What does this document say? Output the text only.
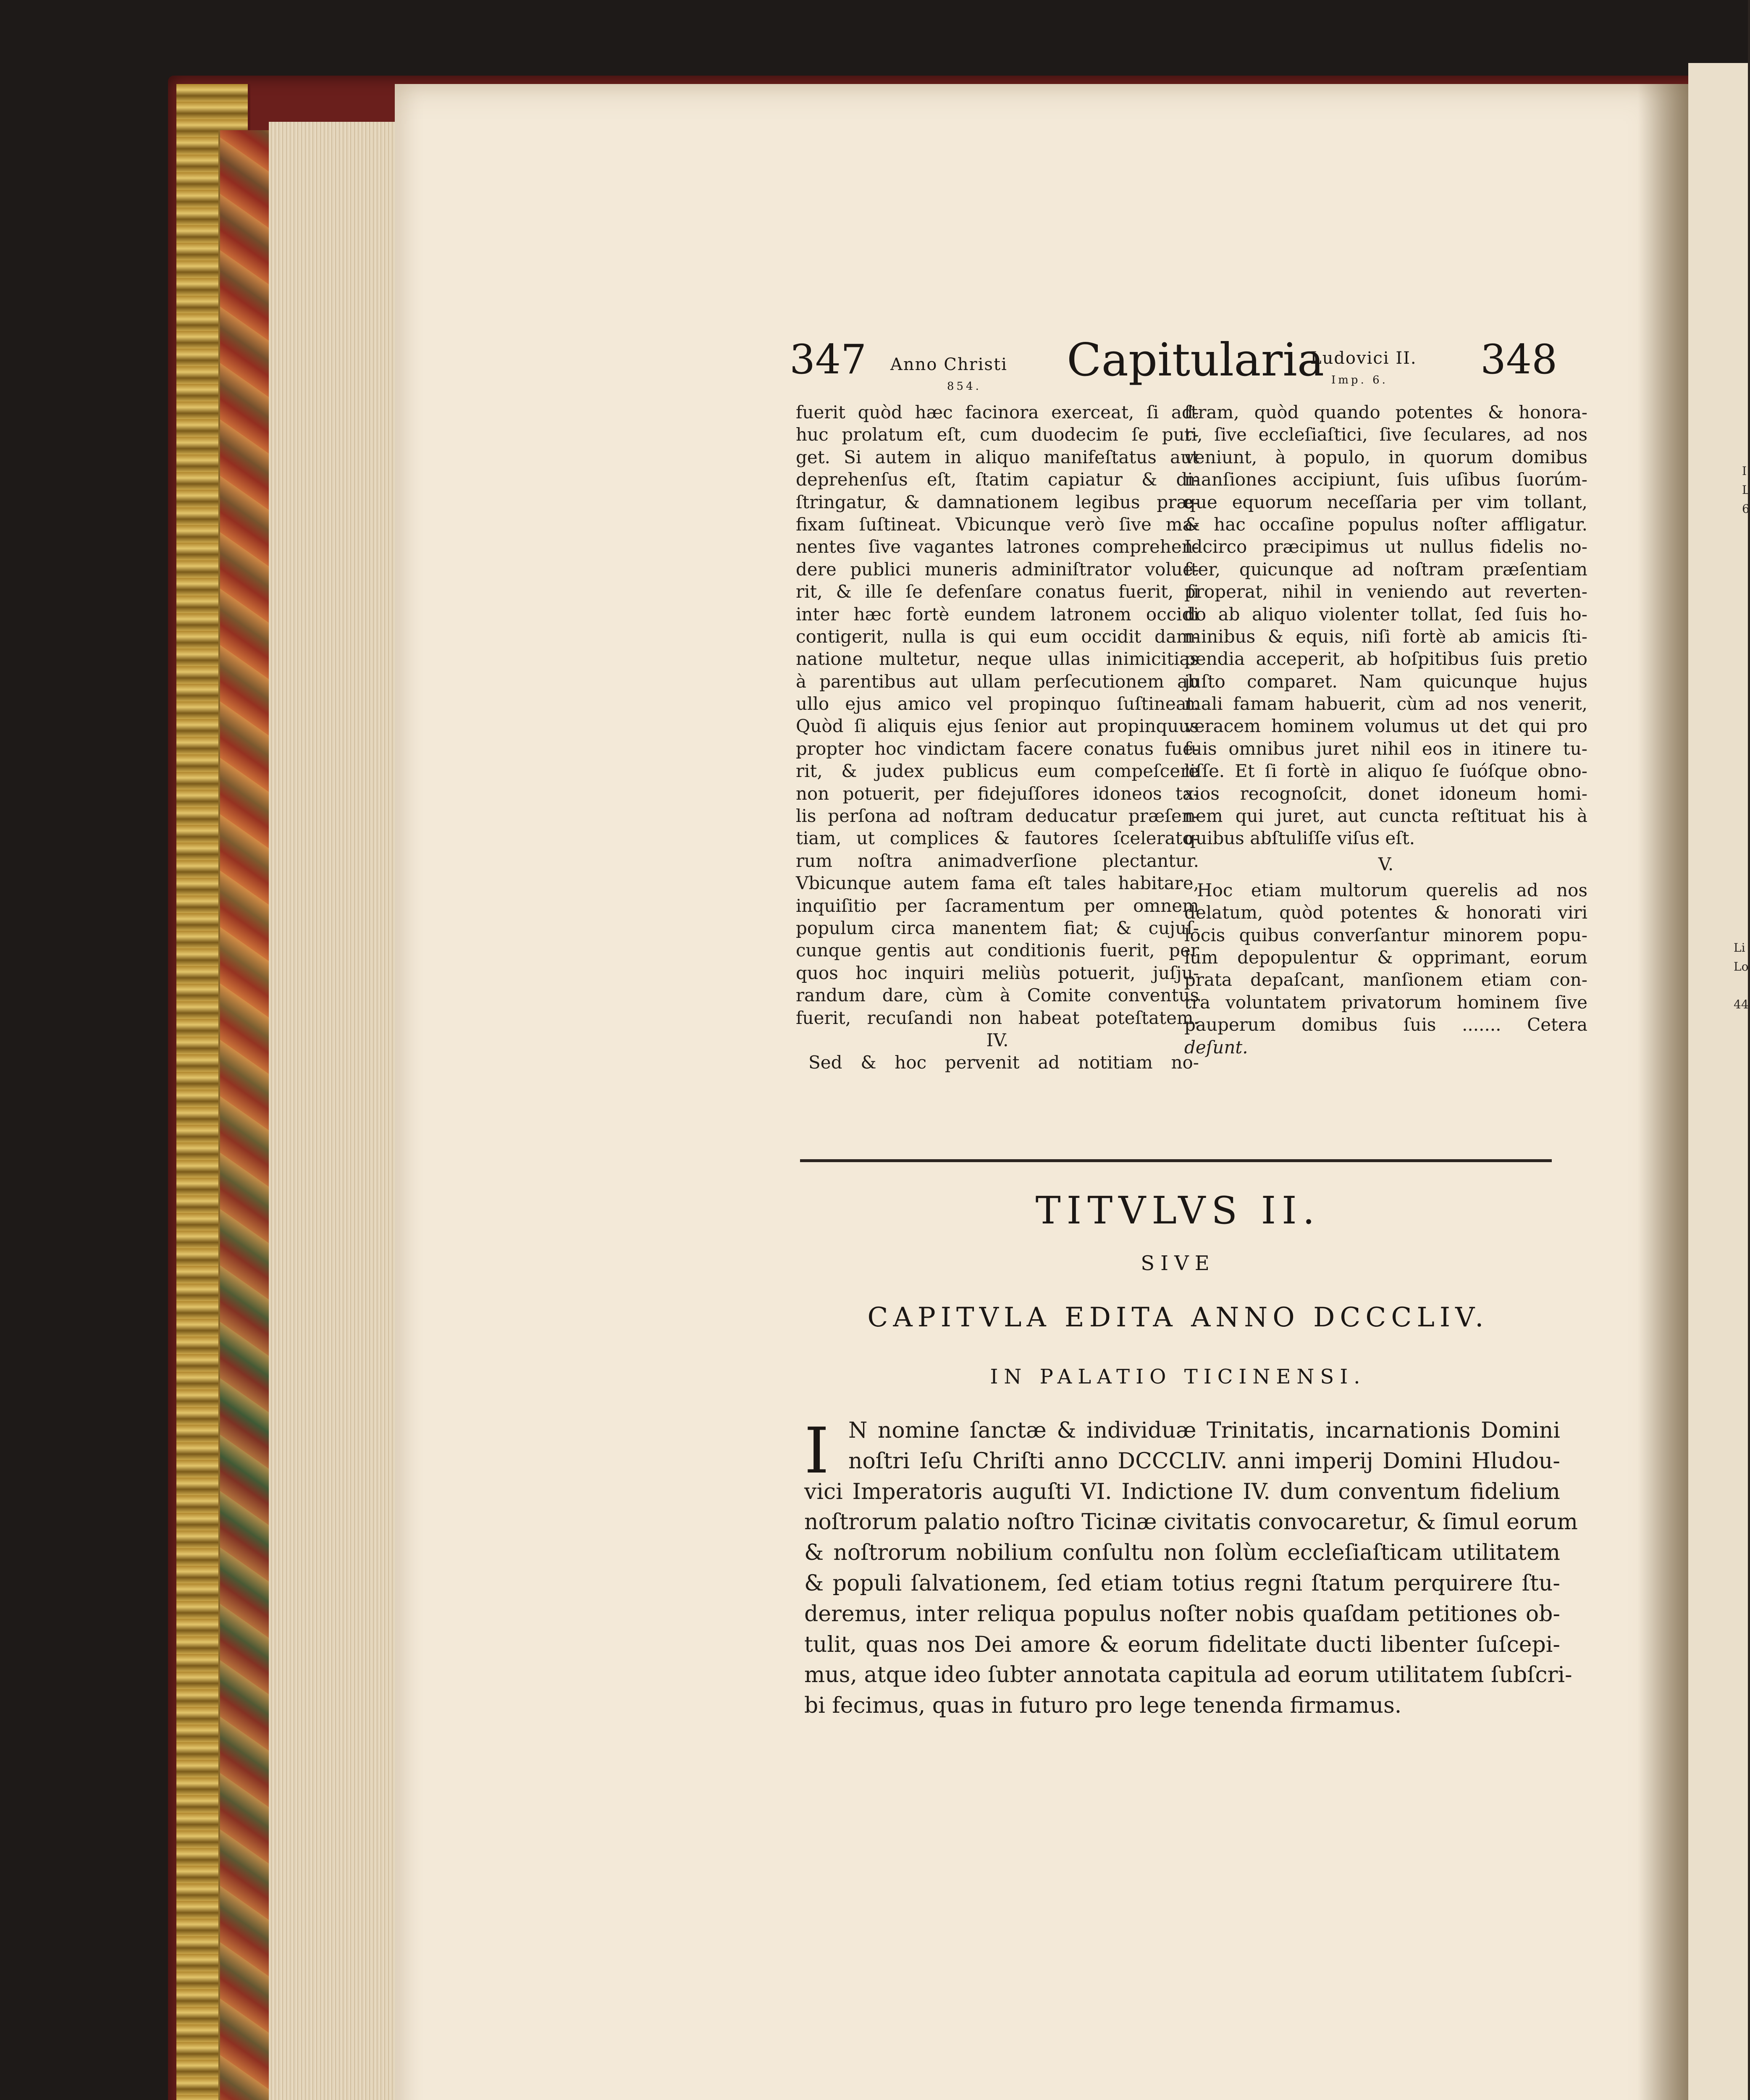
I
L
6
Li
Lo
44
347 Anno Christi
854. Capitularia
Ludovici II.
Imp. 6. 348
fuerit quòd hæc facinora exerceat, ſi ad-
huc prolatum eſt, cum duodecim ſe pur-
get. Si autem in aliquo manifeſtatus aut
deprehenſus eſt, ſtatim capiatur & di-
ſtringatur, & damnationem legibus præ-
fixam ſuſtineat. Vbicunque verò ſive ma-
nentes ſive vagantes latrones comprehen-
dere publici muneris adminiſtrator volue-
rit, & ille ſe defenſare conatus fuerit, ſi
inter hæc fortè eundem latronem occidi
contigerit, nulla is qui eum occidit dam-
natione multetur, neque ullas inimicitias
à parentibus aut ullam perſecutionem ab
ullo ejus amico vel propinquo ſuſtineat.
Quòd ſi aliquis ejus ſenior aut propinquus
propter hoc vindictam facere conatus fue-
rit, & judex publicus eum compeſcere
non potuerit, per fidejuſſores idoneos ta-
lis perſona ad noſtram deducatur præſen-
tiam, ut complices & fautores ſcelerato-
rum noſtra animadverſione plectantur.
Vbicunque autem fama eſt tales habitare,
inquiſitio per ſacramentum per omnem
populum circa manentem fiat; & cujuſ-
cunque gentis aut conditionis fuerit, per
quos hoc inquiri meliùs potuerit, juſju-
randum dare, cùm à Comite conventus
fuerit, recuſandi non habeat poteſtatem.
IV.
Sed & hoc pervenit ad notitiam no-
ſtram, quòd quando potentes & honora-
ti, ſive eccleſiaſtici, ſive ſeculares, ad nos
veniunt, à populo, in quorum domibus
manſiones accipiunt, ſuis uſibus ſuorúm-
que equorum neceſſaria per vim tollant,
& hac occaſine populus noſter affligatur.
Idcirco præcipimus ut nullus fidelis no-
ſter, quicunque ad noſtram præſentiam
properat, nihil in veniendo aut reverten-
do ab aliquo violenter tollat, ſed ſuis ho-
minibus & equis, niſi fortè ab amicis ſti-
pendia acceperit, ab hoſpitibus ſuis pretio
juſto comparet. Nam quicunque hujus
mali famam habuerit, cùm ad nos venerit,
veracem hominem volumus ut det qui pro
ſuis omnibus juret nihil eos in itinere tu-
liſſe. Et ſi fortè in aliquo ſe ſuóſque obno-
xios recognoſcit, donet idoneum homi-
nem qui juret, aut cuncta reſtituat his à
quibus abſtuliſſe viſus eſt.
V.
Hoc etiam multorum querelis ad nos
delatum, quòd potentes & honorati viri
locis quibus converſantur minorem popu-
lum depopulentur & opprimant, eorum
prata depaſcant, manſionem etiam con-
tra voluntatem privatorum hominem ſive
pauperum domibus ſuis ....... Cetera
deſunt.
TITVLVS II.
SIVE
CAPITVLA EDITA ANNO DCCCLIV.
IN PALATIO TICINENSI.
I N nomine ſanctæ & individuæ Trinitatis, incarnationis Domini
noſtri Ieſu Chriſti anno DCCCLIV. anni imperij Domini Hludou-
vici Imperatoris auguſti VI. Indictione IV. dum conventum fidelium
noſtrorum palatio noſtro Ticinæ civitatis convocaretur, & ſimul eorum
& noſtrorum nobilium conſultu non ſolùm eccleſiaſticam utilitatem
& populi ſalvationem, ſed etiam totius regni ſtatum perquirere ſtu-
deremus, inter reliqua populus noſter nobis quaſdam petitiones ob-
tulit, quas nos Dei amore & eorum fidelitate ducti libenter ſuſcepi-
mus, atque ideo ſubter annotata capitula ad eorum utilitatem ſubſcri-
bi fecimus, quas in futuro pro lege tenenda firmamus.
